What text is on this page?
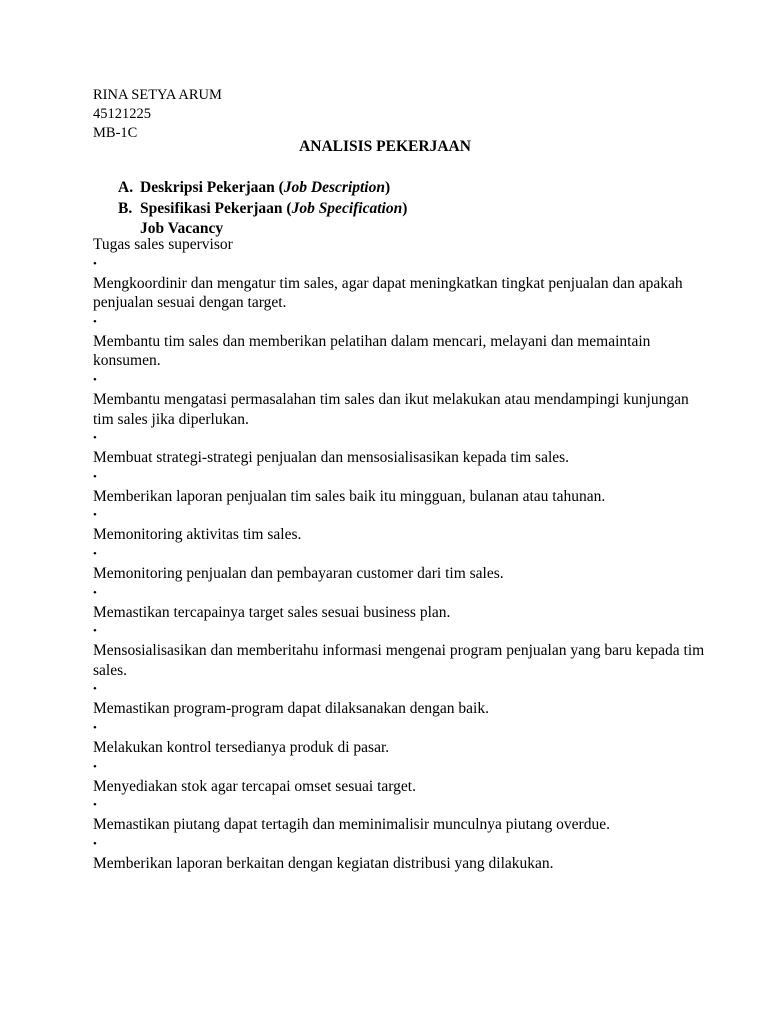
RINA SETYA ARUM
45121225
MB-1C
ANALISIS PEKERJAAN
A. Deskripsi Pekerjaan (Job Description)
B. Spesifikasi Pekerjaan (Job Specification)
Job Vacancy
Tugas sales supervisor
•
Mengkoordinir dan mengatur tim sales, agar dapat meningkatkan tingkat penjualan dan apakah penjualan sesuai dengan target.
•
Membantu tim sales dan memberikan pelatihan dalam mencari, melayani dan memaintain konsumen.
•
Membantu mengatasi permasalahan tim sales dan ikut melakukan atau mendampingi kunjungan tim sales jika diperlukan.
•
Membuat strategi-strategi penjualan dan mensosialisasikan kepada tim sales.
•
Memberikan laporan penjualan tim sales baik itu mingguan, bulanan atau tahunan.
•
Memonitoring aktivitas tim sales.
•
Memonitoring penjualan dan pembayaran customer dari tim sales.
•
Memastikan tercapainya target sales sesuai business plan.
•
Mensosialisasikan dan memberitahu informasi mengenai program penjualan yang baru kepada tim sales.
•
Memastikan program-program dapat dilaksanakan dengan baik.
•
Melakukan kontrol tersedianya produk di pasar.
•
Menyediakan stok agar tercapai omset sesuai target.
•
Memastikan piutang dapat tertagih dan meminimalisir munculnya piutang overdue.
•
Memberikan laporan berkaitan dengan kegiatan distribusi yang dilakukan.
